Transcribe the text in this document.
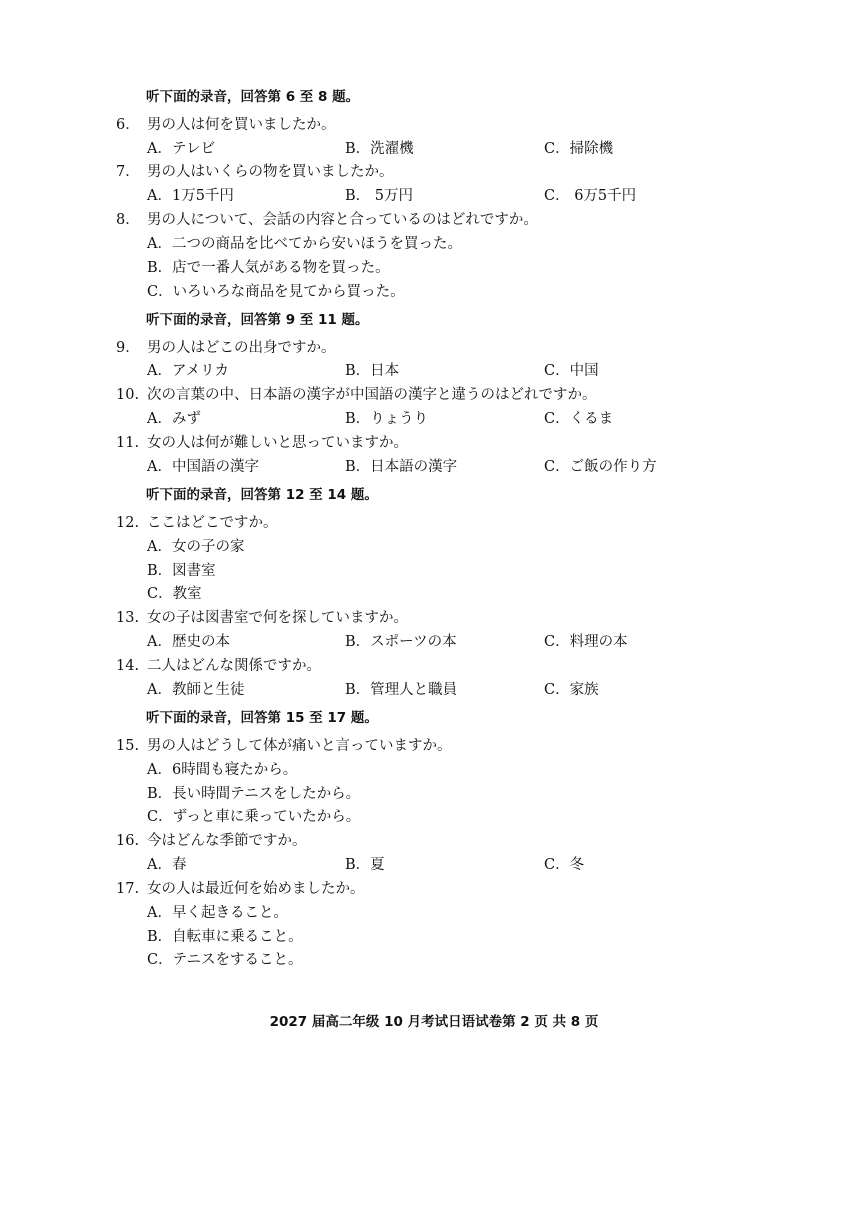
听下面的录音，回答第 6 至 8 题。
6． 男の人は何を買いましたか。
A．テレビ	B．洗濯機	C．掃除機
7． 男の人はいくらの物を買いましたか。
A．1万5千円	B． 5万円	C． 6万5千円
8． 男の人について、会話の内容と合っているのはどれですか。
A．二つの商品を比べてから安いほうを買った。
B．店で一番人気がある物を買った。
C．いろいろな商品を見てから買った。
听下面的录音，回答第 9 至 11 题。
9． 男の人はどこの出身ですか。
A．アメリカ	B．日本	C．中国
10. 次の言葉の中、日本語の漢字が中国語の漢字と違うのはどれですか。
A．みず	B．りょうり	C．くるま
11. 女の人は何が難しいと思っていますか。
A．中国語の漢字	B．日本語の漢字	C．ご飯の作り方
听下面的录音，回答第 12 至 14 题。
12. ここはどこですか。
A．女の子の家
B．図書室
C．教室
13. 女の子は図書室で何を探していますか。
A．歴史の本	B．スポーツの本	C．料理の本
14. 二人はどんな関係ですか。
A．教師と生徒	B．管理人と職員	C．家族
听下面的录音，回答第 15 至 17 题。
15. 男の人はどうして体が痛いと言っていますか。
A．6時間も寝たから。
B．長い時間テニスをしたから。
C．ずっと車に乗っていたから。
16. 今はどんな季節ですか。
A．春	B．夏	C．冬
17. 女の人は最近何を始めましたか。
A．早く起きること。
B．自転車に乗ること。
C．テニスをすること。
2027 届高二年级 10 月考试日语试卷第 2 页 共 8 页
